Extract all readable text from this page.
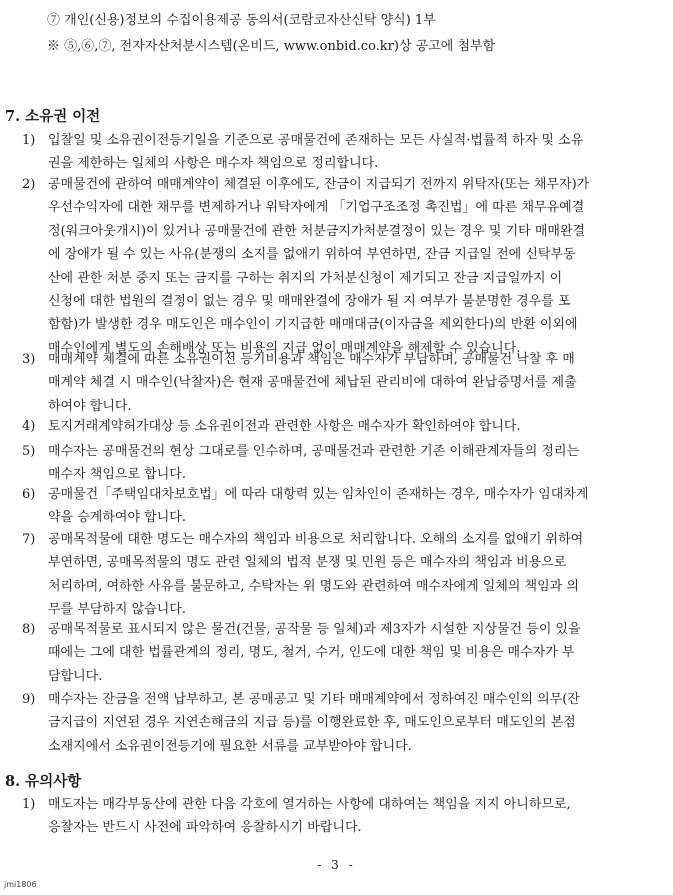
⑦ 개인(신용)정보의 수집이용제공 동의서(코람코자산신탁 양식) 1부
※ ⑤,⑥,⑦, 전자자산처분시스템(온비드, www.onbid.co.kr)상 공고에 첨부함
7. 소유권 이전
1) 입찰일 및 소유권이전등기일을 기준으로 공매물건에 존재하는 모든 사실적·법률적 하자 및 소유
권을 제한하는 일체의 사항은 매수자 책임으로 정리합니다.
2) 공매물건에 관하여 매매계약이 체결된 이후에도, 잔금이 지급되기 전까지 위탁자(또는 채무자)가
우선수익자에 대한 채무를 변제하거나 위탁자에게 「기업구조조정 촉진법」에 따른 채무유예결
정(워크아웃개시)이 있거나 공매물건에 관한 처분금지가처분결정이 있는 경우 및 기타 매매완결
에 장애가 될 수 있는 사유(분쟁의 소지를 없애기 위하여 부연하면, 잔금 지급일 전에 신탁부동
산에 관한 처분 중지 또는 금지를 구하는 취지의 가처분신청이 제기되고 잔금 지급일까지 이
신청에 대한 법원의 결정이 없는 경우 및 매매완결에 장애가 될 지 여부가 불분명한 경우를 포
함함)가 발생한 경우 매도인은 매수인이 기지급한 매매대금(이자금을 제외한다)의 반환 이외에
매수인에게 별도의 손해배상 또는 비용의 지급 없이 매매계약을 해제할 수 있습니다.
3) 매매계약 체결에 따른 소유권이전 등기비용과 책임은 매수자가 부담하며, 공매물건 낙찰 후 매
매계약 체결 시 매수인(낙찰자)은 현재 공매물건에 체납된 관리비에 대하여 완납증명서를 제출
하여야 합니다.
4) 토지거래계약허가대상 등 소유권이전과 관련한 사항은 매수자가 확인하여야 합니다.
5) 매수자는 공매물건의 현상 그대로를 인수하며, 공매물건과 관련한 기존 이해관계자들의 정리는
매수자 책임으로 합니다.
6) 공매물건「주택임대차보호법」에 따라 대항력 있는 임차인이 존재하는 경우, 매수자가 임대차계
약을 승계하여야 합니다.
7) 공매목적물에 대한 명도는 매수자의 책임과 비용으로 처리합니다. 오해의 소지를 없애기 위하여
부연하면, 공매목적물의 명도 관련 일체의 법적 분쟁 및 민원 등은 매수자의 책임과 비용으로
처리하며, 여하한 사유를 불문하고, 수탁자는 위 명도와 관련하여 매수자에게 일체의 책임과 의
무를 부담하지 않습니다.
8) 공매목적물로 표시되지 않은 물건(건물, 공작물 등 일체)과 제3자가 시설한 지상물건 등이 있을
때에는 그에 대한 법률관계의 정리, 명도, 철거, 수거, 인도에 대한 책임 및 비용은 매수자가 부
담합니다.
9) 매수자는 잔금을 전액 납부하고, 본 공매공고 및 기타 매매계약에서 정하여진 매수인의 의무(잔
금지급이 지연된 경우 지연손해금의 지급 등)를 이행완료한 후, 매도인으로부터 매도인의 본점
소재지에서 소유권이전등기에 필요한 서류를 교부받아야 합니다.
8. 유의사항
1) 매도자는 매각부동산에 관한 다음 각호에 열거하는 사항에 대하여는 책임을 지지 아니하므로,
응찰자는 반드시 사전에 파악하여 응찰하시기 바랍니다.
- 3 -
jmi1806
